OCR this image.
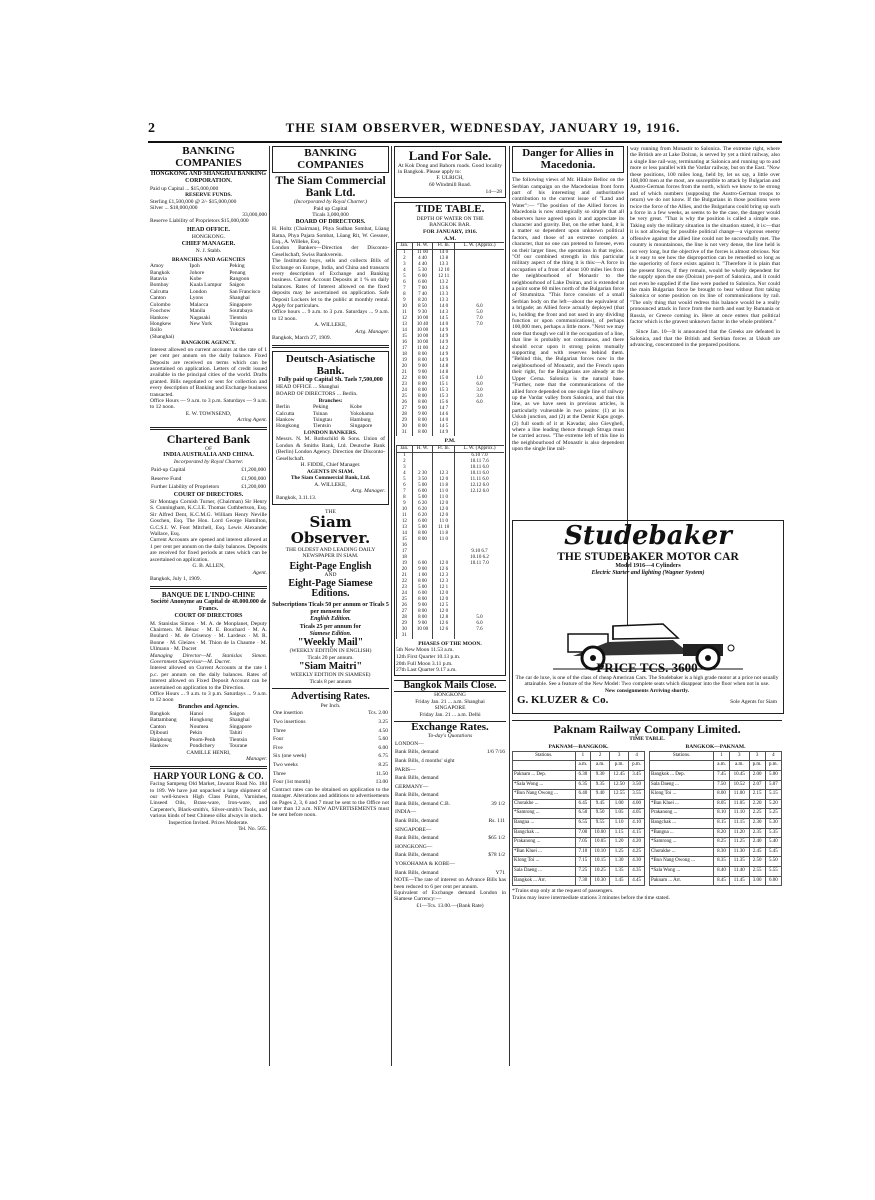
2	THE SIAM OBSERVER, WEDNESDAY, JANUARY 19, 1916.
BANKING COMPANIES
HONGKONG AND SHANGHAI BANKING CORPORATION.
Paid up Capital ... $15,000,000
RESERVE FUNDS.
Sterling £1,500,000 @ 2/- $15,000,000
Silver ... $18,000,000
33,000,000
Reserve Liability of Proprietors $15,000,000
HEAD OFFICE.
HONGKONG.
CHIEF MANAGER.
N. J. Stabb.
BRANCHES AND AGENCIES
Amoy	Ipoh	Peking
Bangkok	Johore	Penang
Batavia	Kobe	Rangoon
Bombay	Kuala Lumpur	Saigon
Calcutta	London	San Francisco
Canton	Lyons	Shanghai
Colombo	Malacca	Singapore
Foochow	Manila	Sourabaya
Hankow	Nagasaki	Tientsin
Hongkew	New York	Tsingtau
Iloilo	Yokohama
(Shanghai)
BANGKOK AGENCY.
Interest allowed on current accounts at the rate of 1 per cent per annum on the daily balance. Fixed Deposits are received on terms which can be ascertained on application. Letters of credit issued available in the principal cities of the world. Drafts granted. Bills negotiated or sent for collection and every description of Banking and Exchange business transacted.
Office Hours — 9 a.m. to 3 p.m. Saturdays — 9 a.m. to 12 noon.
E. W. TOWNSEND,
Acting Agent.
Chartered Bank
OF
INDIA AUSTRALIA AND CHINA.
Incorporated by Royal Charter.
Paid-up Capital	£1,200,000
Reserve Fund	£1,900,000
Further Liability of Proprietors	£1,200,000
COURT OF DIRECTORS.
Sir Montagu Cornish Turner, (Chairman) Sir Henry S. Cunningham, K.C.I.E. Thomas Cuthbertson, Esq. Sir Alfred Dent, K.C.M.G. William Henry Neville Goschen, Esq. The Hon. Lord George Hamilton, G.C.S.I. W. Foot Mitchell, Esq. Lewis Alexander Wallace, Esq.
Current Accounts are opened and interest allowed at 1 per cent per annum on the daily balances. Deposits are received for fixed periods at rates which can be ascertained on application.
G. B. ALLEN,
Agent.
Bangkok, July 1, 1909.
BANQUE DE L'INDO-CHINE
Société Anonyme au Capital de 48.000.000 de Francs.
COURT OF DIRECTORS
M. Stanislas Simon · M. A. de Monplanet, Deputy Chairmen. M. Bénac · M. E. Bouchard · M. A. Boulard · M. de Crisenoy · M. Lardeux · M. R. Bonne · M. Gleizes · M. Thion de la Chaume · M. Ullmann · M. Ducret
Managing Director—M. Stanislas Simon. Government Supervisor—M. Ducret.
Interest allowed on Current Accounts at the rate 1 p.c. per annum on the daily balances. Rates of interest allowed on Fixed Deposit Account can be ascertained on application to the Direction.
Office Hours ... 9 a.m. to 3 p.m. Saturdays ... 9 a.m. to 12 noon
Branches and Agencies.
Bangkok	Hanoi	Saigon
Battambang	Hongkong	Shanghai
Canton	Noumea	Singapore
Djibouti	Pekin	Tahiti
Haiphong	Pnom-Penh	Tientsin
Hankow	Pondichery	Tourane
CAMILLE HENRI,
Manager.
HARP YOUR LONG & CO.
Facing Sampeng Old Market, Jawarat Road No. 184 to 189. We have just unpacked a large shipment of our well-known High Class Paints, Varnishes, Linseed Oils, Brass-ware, Iron-ware, and Carpenter's, Black-smith's, Silver-smith's Tools, and various kinds of best Chinese silks always in stock.
Inspection Invited. Prices Moderate.
Tel. No. 565.
BANKING COMPANIES
The Siam Commercial Bank Ltd.
(Incorporated by Royal Charter.)
Paid up Capital
Ticals 3,000,000
BOARD OF DIRECTORS.
H. Holtz (Chairman), Phya Sudhan Sombat, Lüang Ratna, Phya Pajara Sombat, Lüang Rit, W. Gessner, Esq., A. Willeke, Esq.
London Bankers—Direction der Disconto-Gesellschaft, Swiss Bankverein.
The Institution buys, sells and collects Bills of Exchange on Europe, India, and China and transacts every description of Exchange and Banking business. Current Account Deposits at 1 % on daily balances. Rates of Interest allowed on the fixed deposits may be ascertained on application. Safe Deposit Lockers let to the public at monthly rental. Apply for particulars.
Office hours ... 9 a.m. to 3 p.m. Saturdays ... 9 a.m. to 12 noon.
A. WILLEKE,
Actg. Manager.
Bangkok, March 27, 1909.
Deutsch-Asiatische Bank.
Fully paid up Capital Sh. Taels 7,500,000
HEAD OFFICE ... Shanghai
BOARD OF DIRECTORS ... Berlin.
Branches:
Berlin	Peking	Kobe
Calcutta	Tsinan	Yokohama
Hankow	Tsingtau	Hamburg
Hongkong	Tientsin	Singapore
LONDON BANKERS.
Messrs. N. M. Rothschild & Sons. Union of London & Smiths Bank, Ltd. Deutsche Bank (Berlin) London Agency. Direction der Disconto-Gesellschaft.
H. FIDDE, Chief Manager.
AGENTS IN SIAM.
The Siam Commercial Bank, Ltd.
A. WILLEKE,
Actg. Manager.
Bangkok, 3.11.13.
THE
Siam Observer.
THE OLDEST AND LEADING DAILY NEWSPAPER IN SIAM.
Eight-Page English
AND
Eight-Page Siamese Editions.
Subscriptions Ticals 50 per annum or Ticals 5 per mensem for
English Edition.
Ticals 25 per annum for
Siamese Edition.
"Weekly Mail"
(WEEKLY EDITION IN ENGLISH)
Ticals 20 per annum.
"Siam Maitri"
WEEKLY EDITION IN SIAMESE)
Ticals 8 per annum
Advertising Rates.
Per Inch.
One insertion	Tcs. 2.00
Two insertions	3.25
Three	4.50
Four	5.60
Five	6.00
Six (one week)	6.75
Two weeks	8.25
Three	11.50
Four (1st month)	13.00
Contract rates can be obtained on application to the manager. Alterations and additions to advertisements on Pages 2, 3, 6 and 7 must be sent to the Office not later than 12 a.m. NEW ADVERTISEMENTS must be sent before noon.
Land For Sale.
At Kok Dong and Bahorn roads. Good locality in Bangkok. Please apply to:
F. ULRICH,
60 Windmill Road.
14—28
TIDE TABLE.
DEPTH OF WATER ON THE
BANGKOK BAR.
FOR JANUARY, 1916.
A.M.
Jan.	H. W.	Ft. In.	L. W. (Approx.)
1	11 00	14 0	
2	4 40	13 8	
3	4 40	13 3	
4	5 30	12 10	
5	6 00	12 11	
6	6 00	13 2	
7	7 00	13 6	
8	7 40	13 3	
9	8 20	13 3	
10	8 50	14 0	6.0
11	9 30	14 3	5.0
12	10 00	14 5	7.0
13	10 40	14 0	7.0
14	10 00	14 9	
15	10 00	14 9	
16	10 00	14 9	
17	11 00	14 2	
18	8 00	14 9	
19	8 00	14 9	
20	9 00	14 8	
21	9 00	14 8	
22	8 00	15 0	1.0
23	8 00	15 1	6.0
24	8 00	15 3	3.0
25	8 00	15 3	3.0
26	8 00	15 6	6.0
27	9 00	14 7	
28	9 00	14 6	
29	8 00	14 0	
30	8 00	14 5	
31	8 00	14 9	
P.M.
Jan.	H. W.	Ft. In.	L. W. (Approx.)
1			6.10 7.0
2			10.11 7.6
3			10.11 6.0
4	2 30	12 3	10.11 6.0
5	3 50	12 0	11.11 6.0
6	5 00	11 8	12.12 6.0
7	6 00	11 0	12.12 6.0
8	5 00	11 0	
9	6 20	12 0	
10	6 20	12 0	
11	6 20	12 0	
12	6 00	11 0	
13	5 00	11 10	
14	8 00	11 8	
15	8 00	11 0	
16			
17			9.10 6.7
18			10.10 6.2
19	6 00	12 0	10.11 7.0
20	9 00	12 6	
21	1 00	12 3	
22	8 00	12 3	
23	5 00	12 1	
24	6 00	12 0	
25	8 00	12 0	
26	9 00	12 5	
27	8 00	12 0	
28	8 00	12 8	5.0
29	9 00	12 6	6.0
30	10 00	12 6	7.6
31			
PHASES OF THE MOON.
5th New Moon 11.53 a.m.
12th First Quarter 10.13 p.m.
20th Full Moon 3.11 p.m.
27th Last Quarter 9.17 a.m.
Bangkok Mails Close.
HONGKONG
Friday Jan. 21 ... a.m. Shanghai
SINGAPORE
Friday Jan. 21 ... a.m. Delhi
Exchange Rates.
To-day's Quotations
LONDON—	
Bank Bills, demand	1/6 7/16
Bank Bills, 4 months' sight	
PARIS—	
Bank Bills, demand	
GERMANY—	
Bank Bills, demand	
Bank Bills, demand C.B.	39 1/2
INDIA—	
Bank Bills, demand	Rs. 111
SINGAPORE—	
Bank Bills, demand	$65 1/2
HONGKONG—	
Bank Bills, demand	$78 1/2
YOKOHAMA & KOBE—	
Bank Bills, demand	Y71
NOTE—The rate of interest on Advance Bills has been reduced to 6 per cent per annum.
Equivalent of Exchange demand London in Siamese Currency:—
£1—Tcs. 13.00.—(Bank Rate)
Danger for Allies in Macedonia.
The following views of Mr. Hilaire Belloc on the Serbian campaign on the Macedonian front form part of his interesting and authoritative contribution to the current issue of "Land and Water":— "The position of the Allied forces in Macedonia is now strategically so simple that all observers have agreed upon it and appreciate its character and gravity. But, on the other hand, it is a matter so dependent upon unknown political factors, and those of an extreme complex a character, that no one can pretend to foresee, even on their larger lines, the operations in that region. "Of our combined strength in this particular military aspect of the thing it is this:—A force in occupation of a front of about 100 miles lies from the neighbourhood of Monastir to the neighbourhood of Lake Doiran, and is extended at a point some 60 miles north of the Bulgarian force of Strumnitza. "This force consists of a small Serbian body on the left—about the equivalent of a brigade; an Allied force actually deployed (that is, holding the front and not used in any dividing function or upon communications), of perhaps 100,000 men, perhaps a little more. "Next we may note that though we call it the occupation of a line, that line is probably not continuous, and there should occur upon it strong points mutually supporting and with reserves behind them. "Behind this, the Bulgarian forces now in the neighbourhood of Monastir, and the French upon their right, for the Bulgarians are already at the Upper Cerna. Salonica is the natural base. "Further, note that the communications of the allied force depended on one single line of railway up the Vardar valley from Salonica, and that this line, as we have seen in previous articles, is particularly vulnerable in two points: (1) at its Uskub junction, and (2) at the Demir Kapu gorge. (2) full south of it at Kavadar, also Gievgheli, where a line leading thence through Struga must be carried across. "The extreme left of this line in the neighbourhood of Monastir is also dependent upon the single line rail-
way running from Monastir to Salonica. The extreme right, where the British are at Lake Doiran, is served by yet a third railway, also a single line rail-way, terminating at Salonica and running up to and more or less parallel with the Vardar railway, but on the East. "Now these positions, 100 miles long, held by, let us say, a little over 100,000 men at the most, are susceptible to attack by Bulgarian and Austro-German forces from the north, which we know to be strong and of which numbers (supposing the Austro-German troops to return) we do not know. If the Bulgarians in those positions were twice the force of the Allies, and the Bulgarians could bring up such a force in a few weeks, as seems to be the case, the danger would be very great. "That is why the position is called a simple one. Taking only the military situation in the situation stated, it is:—that it is not allowing for possible political change—a vigorous enemy offensive against the allied line could not be successfully met. The country is mountainous, the line is not very dense, the line held is not very long, but the objective of the forces is almost obvious. Nor is it easy to see how the disproportion can be remedied so long as the superiority of force exists against it. "Therefore it is plain that the present forces, if they remain, would be wholly dependent for the supply upon the one (Doiran) pre-port of Salonica, and it could not even be supplied if the line were pushed to Salonica. Nor could the main Bulgarian force be brought to bear without first taking Salonica or some position on its line of communications by rail. "The only thing that would redress this balance would be a really pronounced attack in force from the north and east by Rumania or Russia, or Greece coming in. Here at once enters that political factor which is the gravest unknown factor in the whole problem."
Since Jan. 10—It is announced that the Greeks are defeated in Salonica, and that the British and Serbian forces at Uskub are advancing, concentrated in the prepared positions.
Studebaker
THE STUDEBAKER MOTOR CAR
Model 1916—4 Cylinders
Electric Starter and lighting (Wagner System)
PRICE TCS. 3600
The car de luxe, is one of the class of cheap American Cars. The Studebaker is a high grade motor at a price not usually attainable. See a feature of the New Model: Two complete seats which disappear into the floor when not in use.
New consignments Arriving shortly.
G. KLUZER & Co.	Sole Agents for Siam
Paknam Railway Company Limited.
TIME TABLE.
PAKNAM—BANGKOK.
Stations.	1	2	3	4
	a.m.	a.m.	p.m.	p.m.
Paknam ... Dep.	6.30	9.30	12.45	3.45
*Sala Wong ...	6.35	9.35	12.50	3.50
*Bun Nang Owong ...	6.40	9.40	12.55	3.55
Chorakhe ...	6.45	9.45	1.00	4.00
*Samrong ...	6.50	9.50	1.05	4.05
Bangna ...	6.55	9.55	1.10	4.10
Bangchak ...	7.00	10.00	1.15	4.15
Prakanong ...	7.05	10.05	1.20	4.20
*Ban Kluei ...	7.10	10.10	1.25	4.25
Klong Toi ...	7.15	10.15	1.30	4.30
Sala Daeng ...	7.25	10.25	1.35	4.35
Bangkok ... Arr.	7.30	10.30	1.45	4.45
BANGKOK—PAKNAM.
Stations.	1	3	3	4
	a.m.	a.m.	p.m.	p.m.
Bangkok ... Dep.	7.45	10.45	2.00	5.00
Sala Daeng ...	7.50	10.52	2.07	5.07
Klong Toi ...	8.00	11.00	2.15	5.15
*Ban Kluei ...	8.05	11.05	2.20	5.20
Prakanong ...	8.10	11.10	2.25	5.25
Bangchak ...	8.15	11.15	2.30	5.30
*Bangna ...	8.20	11.20	2.35	5.35
*Samrong ...	8.25	11.25	2.40	5.40
Chorakhe ...	8.30	11.30	2.45	5.45
*Bun Nang Owong ...	8.35	11.35	2.50	5.50
*Sala Wong ...	8.40	11.40	2.55	5.55
Paknam ... Arr.	8.45	11.45	3.00	6.00
*Trains stop only at the request of passengers.
Trains may leave intermediate stations 3 minutes before the time stated.
